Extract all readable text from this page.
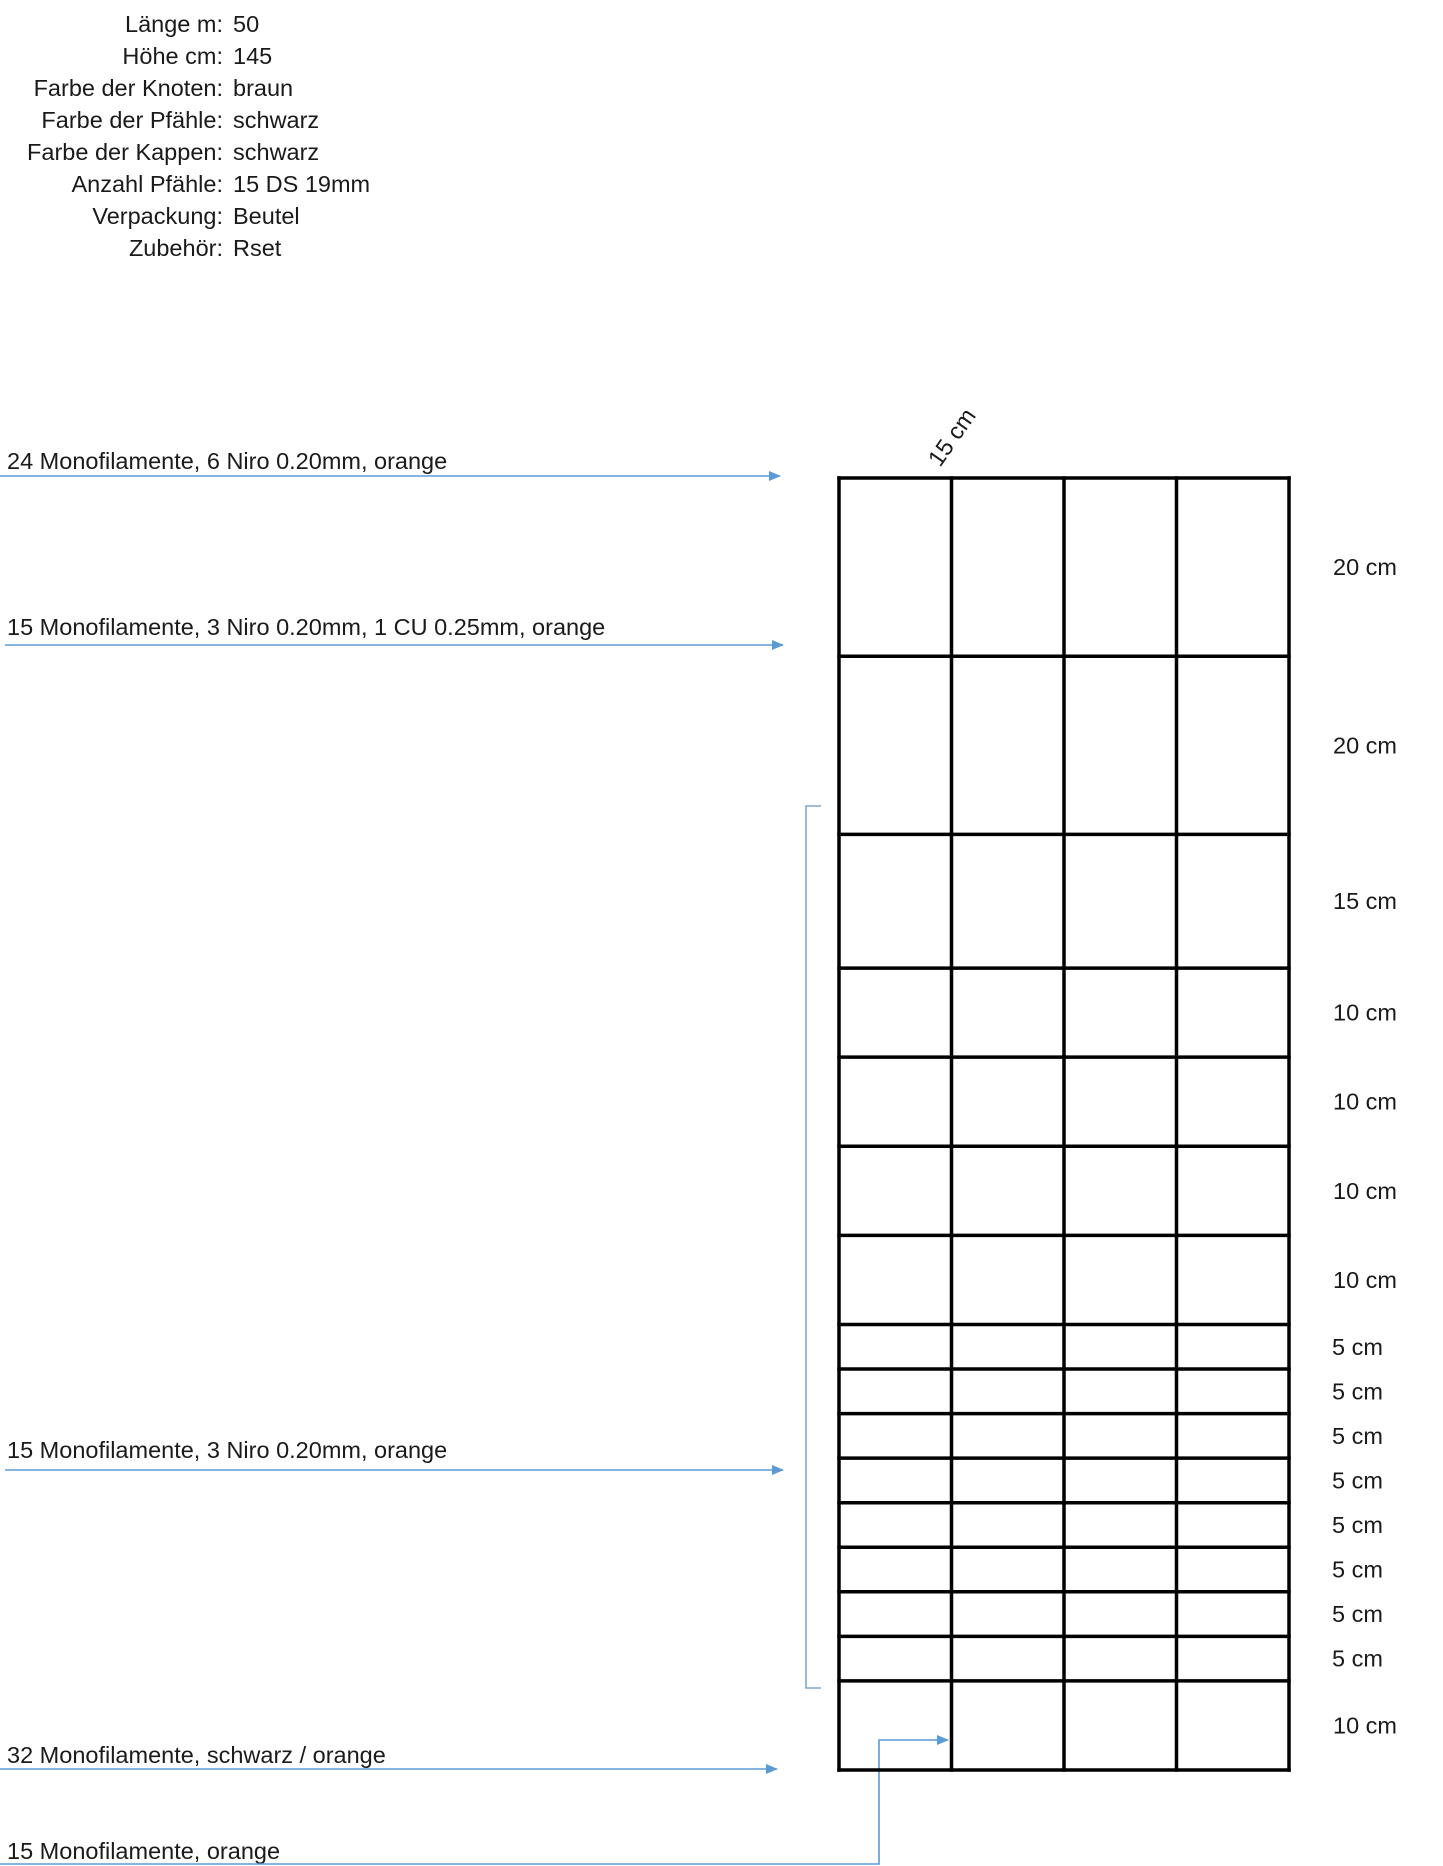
Länge m: 50
Höhe cm: 145
Farbe der Knoten: braun
Farbe der Pfähle: schwarz
Farbe der Kappen: schwarz
Anzahl Pfähle: 15 DS 19mm
Verpackung: Beutel
Zubehör: Rset
15 cm
24 Monofilamente, 6 Niro 0.20mm, orange
15 Monofilamente, 3 Niro 0.20mm, 1 CU 0.25mm, orange
15 Monofilamente, 3 Niro 0.20mm, orange
32 Monofilamente, schwarz / orange
15 Monofilamente, orange
20 cm
20 cm
15 cm
10 cm
10 cm
10 cm
10 cm
5 cm
5 cm
5 cm
5 cm
5 cm
5 cm
5 cm
5 cm
10 cm
